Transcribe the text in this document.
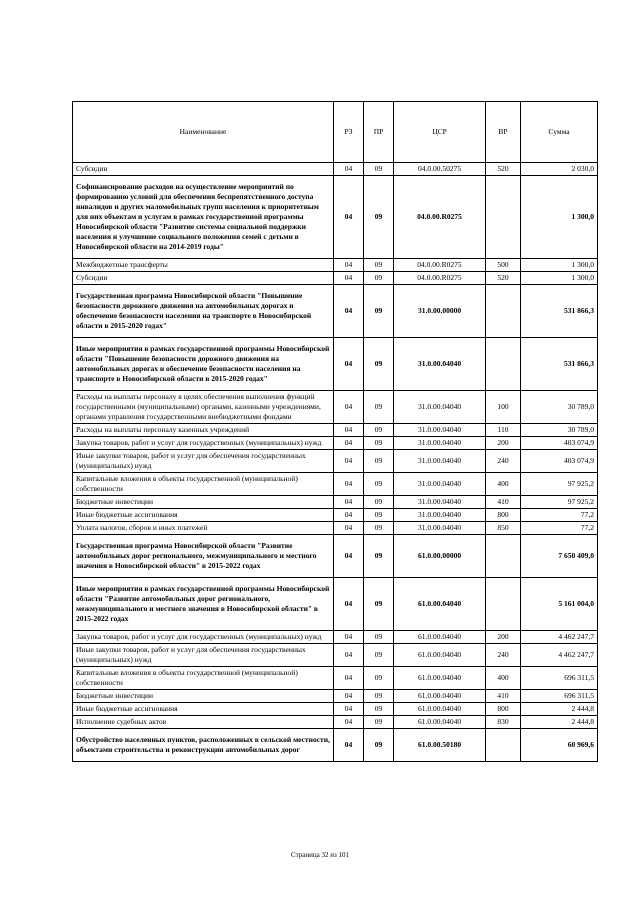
Наименование	РЗ	ПР	ЦСР	ВР	Сумма
Субсидии	04	09	04.0.00.50275	520	2 030,0
Софинансирование расходов на осуществление мероприятий по формированию условий для обеспечения беспрепятственного доступа инвалидов и других маломобильных групп населения к приоритетным для них объектам и услугам в рамках государственной программы Новосибирской области "Развитие системы социальной поддержки населения и улучшение социального положения семей с детьми в Новосибирской области на 2014-2019 годы"	04	09	04.0.00.R0275		1 300,0
Межбюджетные трансферты	04	09	04.0.00.R0275	500	1 300,0
Субсидии	04	09	04.0.00.R0275	520	1 300,0
Государственная программа Новосибирской области "Повышение безопасности дорожного движения на автомобильных дорогах и обеспечение безопасности населения на транспорте в Новосибирской области в 2015-2020 годах"	04	09	31.0.00.00000		531 866,3
Иные мероприятия в рамках государственной программы Новосибирской области "Повышение безопасности дорожного движения на автомобильных дорогах и обеспечение безопасности населения на транспорте в Новосибирской области в 2015-2020 годах"	04	09	31.0.00.04040		531 866,3
Расходы на выплаты персоналу в целях обеспечения выполнения функций государственными (муниципальными) органами, казенными учреждениями, органами управления государственными внебюджетными фондами	04	09	31.0.00.04040	100	30 789,0
Расходы на выплаты персоналу казенных учреждений	04	09	31.0.00.04040	110	30 789,0
Закупка товаров, работ и услуг для государственных (муниципальных) нужд	04	09	31.0.00.04040	200	403 074,9
Иные закупки товаров, работ и услуг для обеспечения государственных (муниципальных) нужд	04	09	31.0.00.04040	240	403 074,9
Капитальные вложения в объекты государственной (муниципальной) собственности	04	09	31.0.00.04040	400	97 925,2
Бюджетные инвестиции	04	09	31.0.00.04040	410	97 925,2
Иные бюджетные ассигнования	04	09	31.0.00.04040	800	77,2
Уплата налогов, сборов и иных платежей	04	09	31.0.00.04040	850	77,2
Государственная программа Новосибирской области "Развитие автомобильных дорог регионального, межмуниципального и местного значения в Новосибирской области" в 2015-2022 годах	04	09	61.0.00.00000		7 650 409,0
Иные мероприятия в рамках государственной программы Новосибирской области "Развитие автомобильных дорог регионального, межмуниципального и местного значения в Новосибирской области" в 2015-2022 годах	04	09	61.0.00.04040		5 161 004,0
Закупка товаров, работ и услуг для государственных (муниципальных) нужд	04	09	61.0.00.04040	200	4 462 247,7
Иные закупки товаров, работ и услуг для обеспечения государственных (муниципальных) нужд	04	09	61.0.00.04040	240	4 462 247,7
Капитальные вложения в объекты государственной (муниципальной) собственности	04	09	61.0.00.04040	400	696 311,5
Бюджетные инвестиции	04	09	61.0.00.04040	410	696 311,5
Иные бюджетные ассигнования	04	09	61.0.00.04040	800	2 444,8
Исполнение судебных актов	04	09	61.0.00.04040	830	2 444,8
Обустройство населенных пунктов, расположенных в сельской местности, объектами строительства и реконструкции автомобильных дорог	04	09	61.0.00.50180		60 969,6
Страница 32 из 101
